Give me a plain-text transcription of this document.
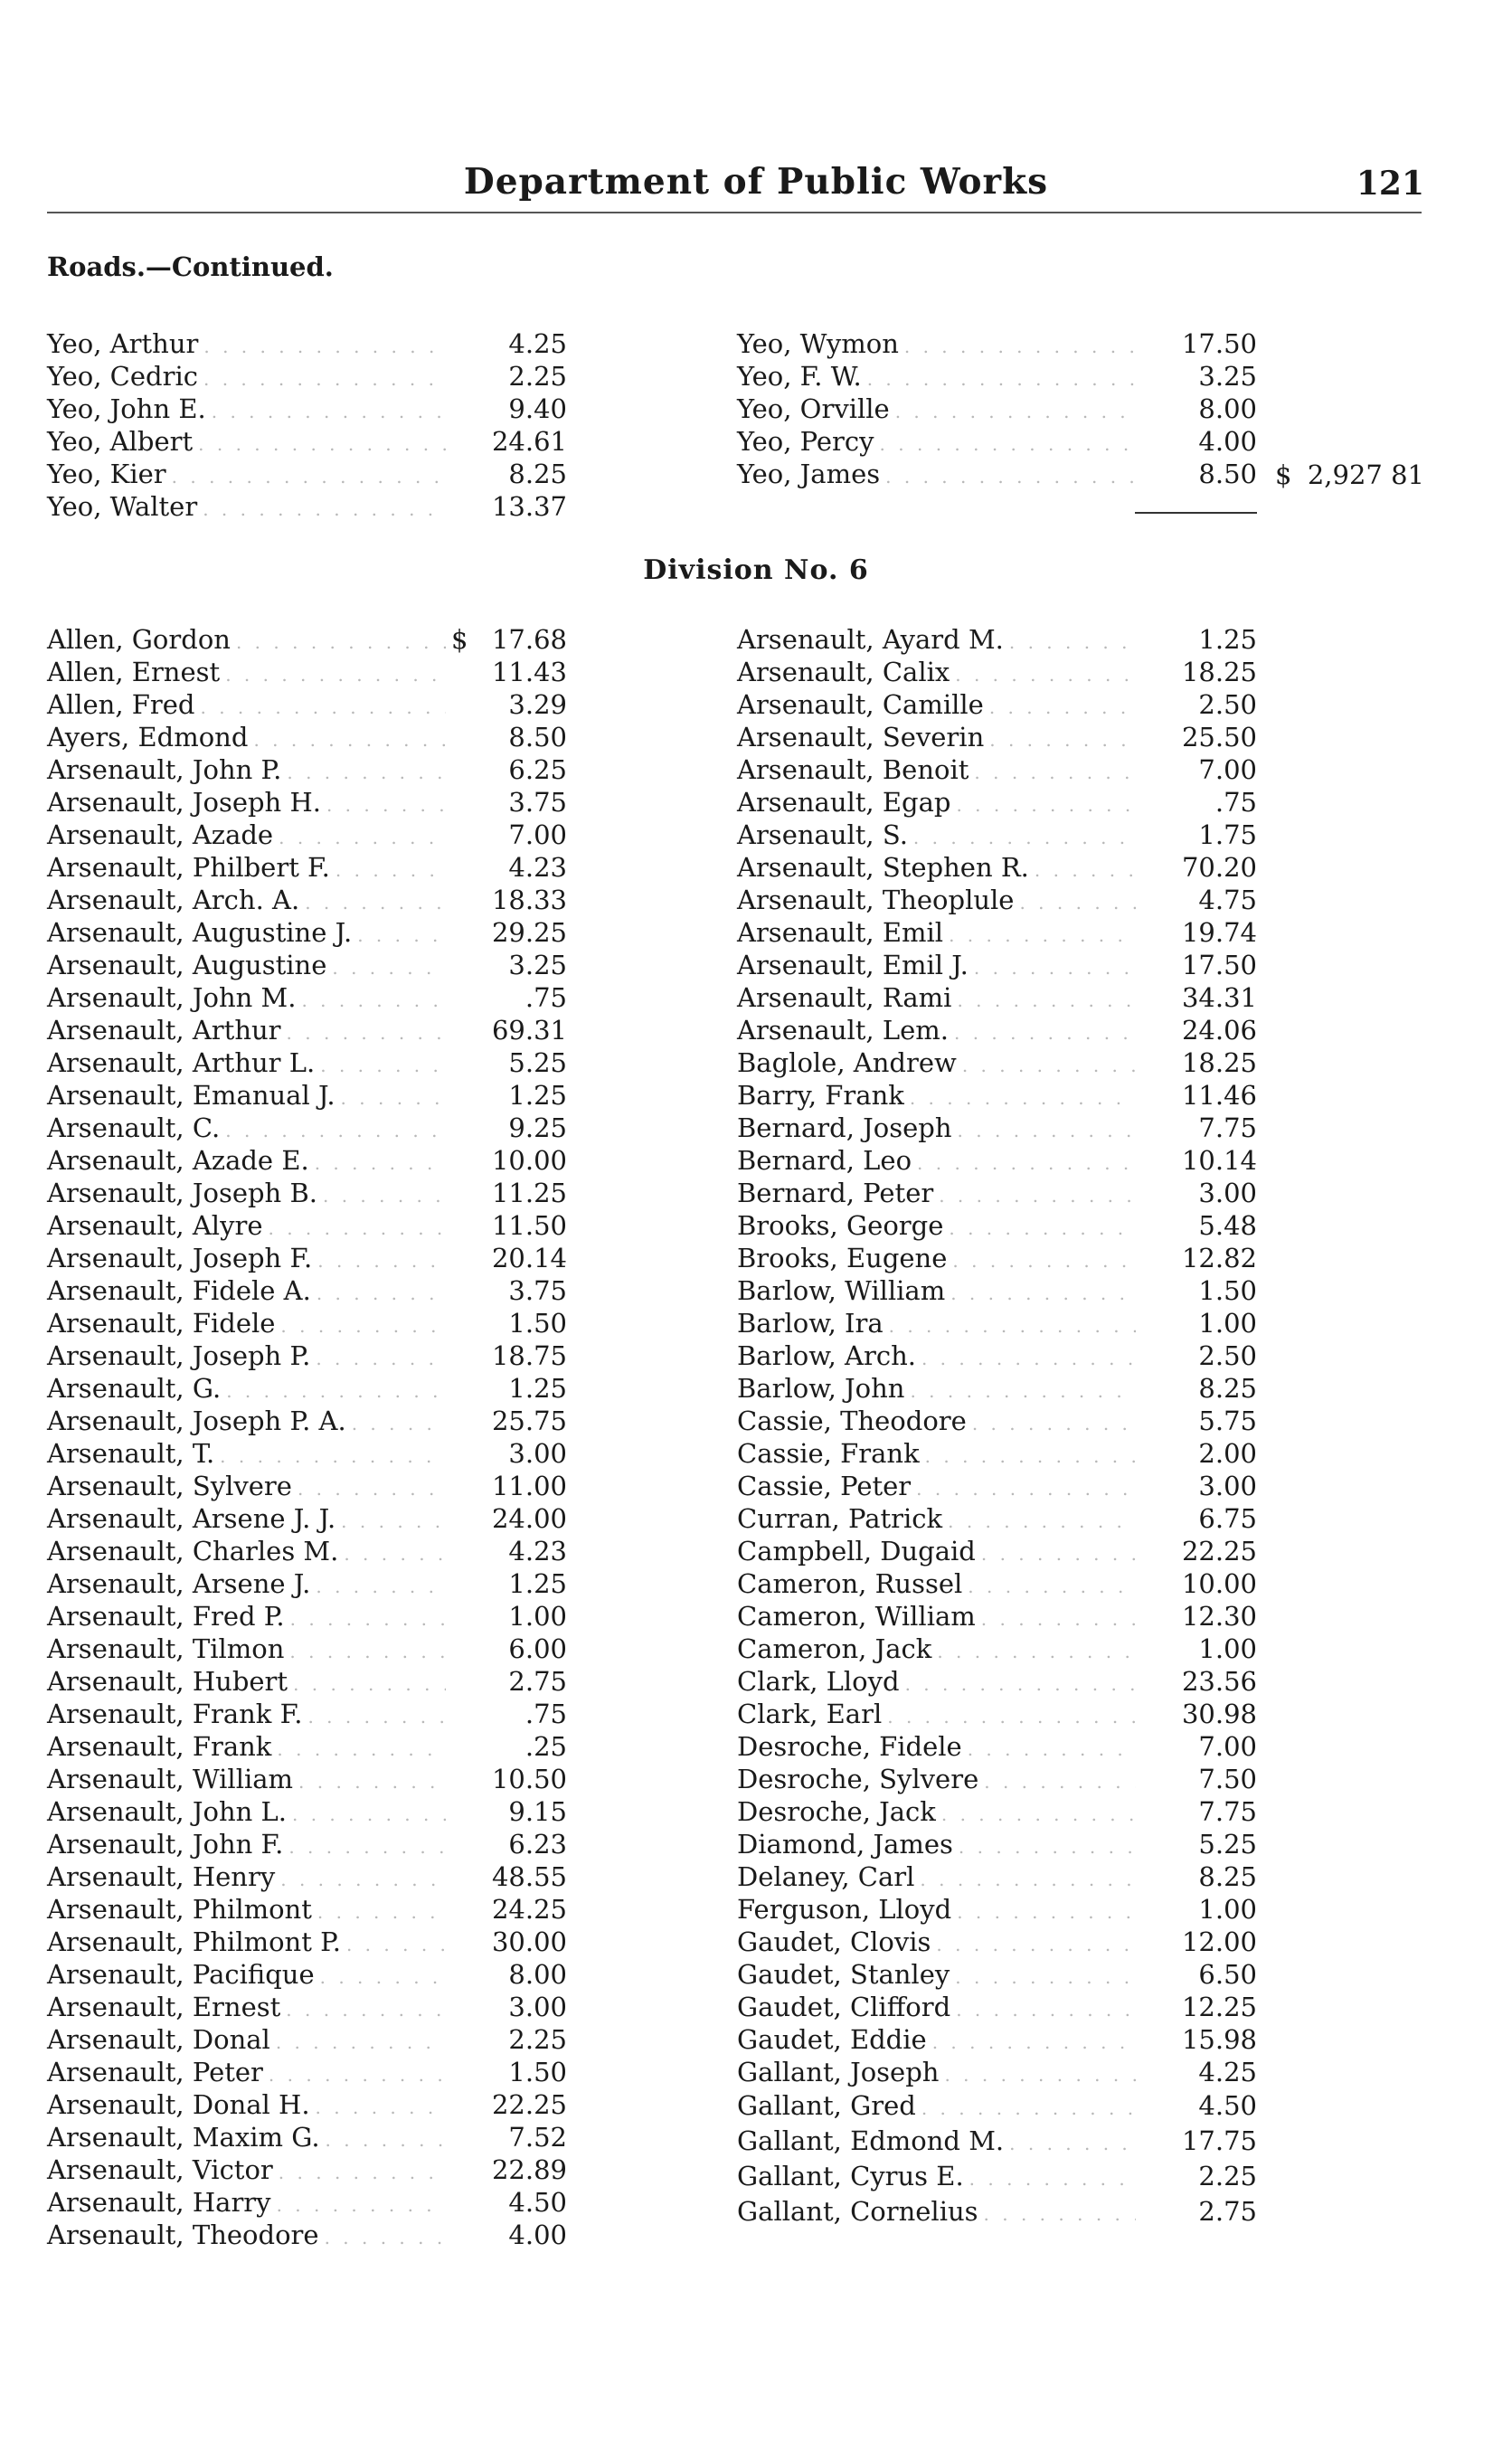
Department of Public Works	121
Roads.—Continued.
Yeo, Arthur . . .	4.25
Yeo, Cedric . . .	2.25
Yeo, John E. . . .	9.40
Yeo, Albert . . .	24.61
Yeo, Kier . . .	8.25
Yeo, Walter . . .	13.37
Yeo, Wymon . . .	17.50
Yeo, F. W. . . .	3.25
Yeo, Orville . . .	8.00
Yeo, Percy . . .	4.00
Yeo, James . . .	8.50 $ 2,927 81
Division No. 6
Allen, Gordon . . .	$ 17.68
Allen, Ernest . . .	11.43
Allen, Fred . . .	3.29
Ayers, Edmond . . .	8.50
Arsenault, John P. . . .	6.25
Arsenault, Joseph H. . . .	3.75
Arsenault, Azade . . .	7.00
Arsenault, Philbert F. . . .	4.23
Arsenault, Arch. A. . . .	18.33
Arsenault, Augustine J. . . .	29.25
Arsenault, Augustine . . .	3.25
Arsenault, John M. . . .	.75
Arsenault, Arthur . . .	69.31
Arsenault, Arthur L. . . .	5.25
Arsenault, Emanual J. . . .	1.25
Arsenault, C. . . .	9.25
Arsenault, Azade E. . . .	10.00
Arsenault, Joseph B. . . .	11.25
Arsenault, Alyre . . .	11.50
Arsenault, Joseph F. . . .	20.14
Arsenault, Fidele A. . . .	3.75
Arsenault, Fidele . . .	1.50
Arsenault, Joseph P. . . .	18.75
Arsenault, G. . . .	1.25
Arsenault, Joseph P. A. . . .	25.75
Arsenault, T. . . .	3.00
Arsenault, Sylvere . . .	11.00
Arsenault, Arsene J. J. . . .	24.00
Arsenault, Charles M. . . .	4.23
Arsenault, Arsene J. . . .	1.25
Arsenault, Fred P. . . .	1.00
Arsenault, Tilmon . . .	6.00
Arsenault, Hubert . . .	2.75
Arsenault, Frank F. . . .	.75
Arsenault, Frank . . .	.25
Arsenault, William . . .	10.50
Arsenault, John L. . . .	9.15
Arsenault, John F. . . .	6.23
Arsenault, Henry . . .	48.55
Arsenault, Philmont . . .	24.25
Arsenault, Philmont P. . . .	30.00
Arsenault, Pacifique . . .	8.00
Arsenault, Ernest . . .	3.00
Arsenault, Donal . . .	2.25
Arsenault, Peter . . .	1.50
Arsenault, Donal H. . . .	22.25
Arsenault, Maxim G. . . .	7.52
Arsenault, Victor . . .	22.89
Arsenault, Harry . . .	4.50
Arsenault, Theodore . . .	4.00
Arsenault, Ayard M. . . .	1.25
Arsenault, Calix . . .	18.25
Arsenault, Camille . . .	2.50
Arsenault, Severin . . .	25.50
Arsenault, Benoit . . .	7.00
Arsenault, Egap . . .	.75
Arsenault, S. . . .	1.75
Arsenault, Stephen R. . . .	70.20
Arsenault, Theoplule . . .	4.75
Arsenault, Emil . . .	19.74
Arsenault, Emil J. . . .	17.50
Arsenault, Rami . . .	34.31
Arsenault, Lem. . . .	24.06
Baglole, Andrew . . .	18.25
Barry, Frank . . .	11.46
Bernard, Joseph . . .	7.75
Bernard, Leo . . .	10.14
Bernard, Peter . . .	3.00
Brooks, George . . .	5.48
Brooks, Eugene . . .	12.82
Barlow, William . . .	1.50
Barlow, Ira . . .	1.00
Barlow, Arch. . . .	2.50
Barlow, John . . .	8.25
Cassie, Theodore . . .	5.75
Cassie, Frank . . .	2.00
Cassie, Peter . . .	3.00
Curran, Patrick . . .	6.75
Campbell, Dugaid . . .	22.25
Cameron, Russel . . .	10.00
Cameron, William . . .	12.30
Cameron, Jack . . .	1.00
Clark, Lloyd . . .	23.56
Clark, Earl . . .	30.98
Desroche, Fidele . . .	7.00
Desroche, Sylvere . . .	7.50
Desroche, Jack . . .	7.75
Diamond, James . . .	5.25
Delaney, Carl . . .	8.25
Ferguson, Lloyd . . .	1.00
Gaudet, Clovis . . .	12.00
Gaudet, Stanley . . .	6.50
Gaudet, Clifford . . .	12.25
Gaudet, Eddie . . .	15.98
Gallant, Joseph . . .	4.25
Gallant, Gred . . .	4.50
Gallant, Edmond M. . . .	17.75
Gallant, Cyrus E. . . .	2.25
Gallant, Cornelius . . .	2.75
